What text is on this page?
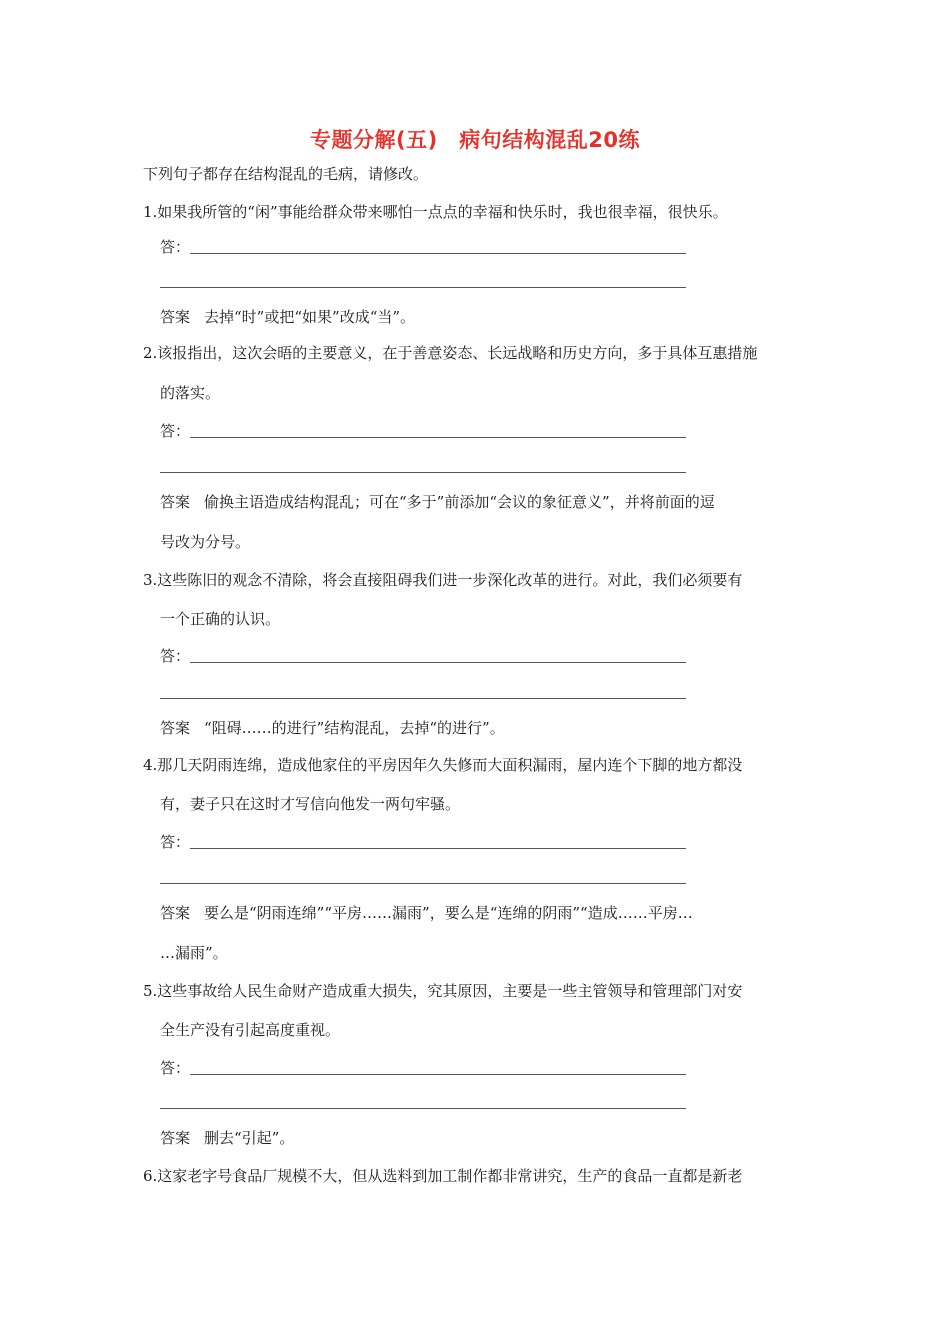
专题分解(五)　病句结构混乱20练
下列句子都存在结构混乱的毛病，请修改。
1.如果我所管的“闲”事能给群众带来哪怕一点点的幸福和快乐时，我也很幸福，很快乐。
答：
答案 去掉“时”或把“如果”改成“当”。
2.该报指出，这次会晤的主要意义，在于善意姿态、长远战略和历史方向，多于具体互惠措施
的落实。
答：
答案 偷换主语造成结构混乱；可在“多于”前添加“会议的象征意义”，并将前面的逗
号改为分号。
3.这些陈旧的观念不清除，将会直接阻碍我们进一步深化改革的进行。对此，我们必须要有
一个正确的认识。
答：
答案 “阻碍……的进行”结构混乱，去掉“的进行”。
4.那几天阴雨连绵，造成他家住的平房因年久失修而大面积漏雨，屋内连个下脚的地方都没
有，妻子只在这时才写信向他发一两句牢骚。
答：
答案 要么是“阴雨连绵”“平房……漏雨”，要么是“连绵的阴雨”“造成……平房…
…漏雨”。
5.这些事故给人民生命财产造成重大损失，究其原因，主要是一些主管领导和管理部门对安
全生产没有引起高度重视。
答：
答案 删去“引起”。
6.这家老字号食品厂规模不大，但从选料到加工制作都非常讲究，生产的食品一直都是新老
